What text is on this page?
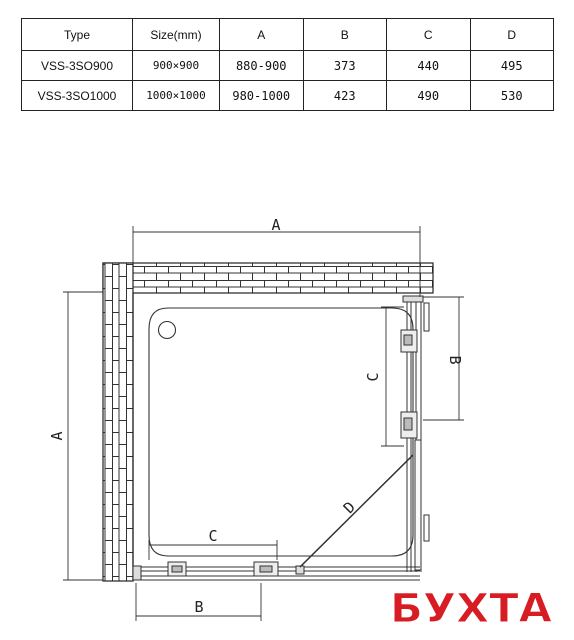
Type	Size(mm)	A	B	C	D
VSS-3SO900	900×900	880-900	373	440	495
VSS-3SO1000	1000×1000	980-1000	423	490	530
A
A
B
C
C
B
D
БУХТА
